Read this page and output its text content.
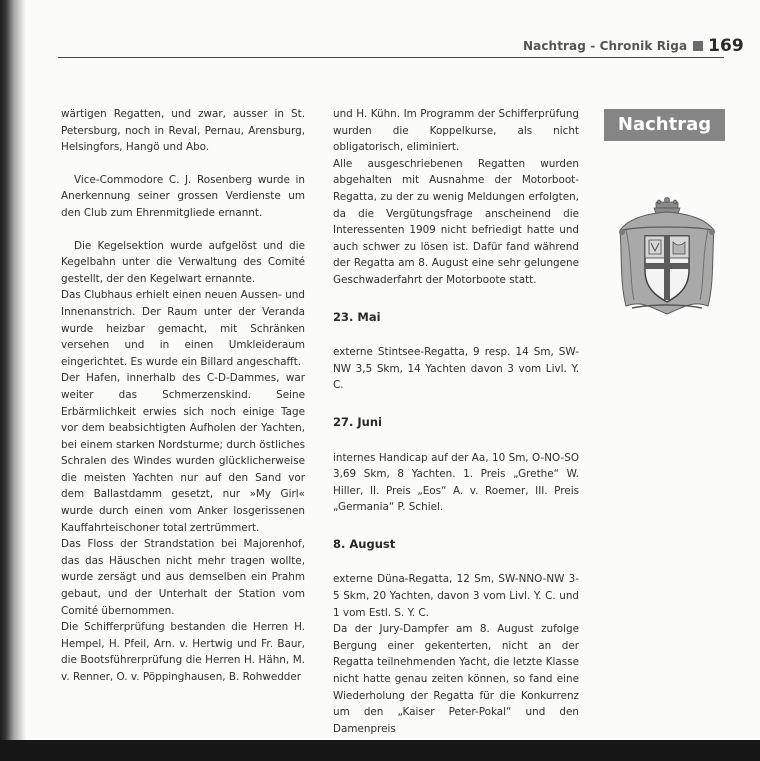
Nachtrag - Chronik Riga 169

wärtigen Regatten, und zwar, ausser in St. Petersburg, noch in Reval, Pernau, Arensburg, Helsingfors, Hangö und Abo.

Vice-Commodore C. J. Rosenberg wurde in Anerkennung seiner grossen Verdienste um den Club zum Ehrenmitgliede ernannt.

Die Kegelsektion wurde aufgelöst und die Kegelbahn unter die Verwaltung des Comité gestellt, der den Kegelwart ernannte.

Das Clubhaus erhielt einen neuen Aussen- und Innenanstrich. Der Raum unter der Veranda wurde heizbar gemacht, mit Schränken versehen und in einen Umkleideraum eingerichtet. Es wurde ein Billard angeschafft.

Der Hafen, innerhalb des C-D-Dammes, war weiter das Schmerzenskind. Seine Erbärmlichkeit erwies sich noch einige Tage vor dem beabsichtigten Aufholen der Yachten, bei einem starken Nordsturme; durch östliches Schralen des Windes wurden glücklicherweise die meisten Yachten nur auf den Sand vor dem Ballastdamm gesetzt, nur »My Girl« wurde durch einen vom Anker losgerissenen Kauffahrteischoner total zertrümmert.

Das Floss der Strandstation bei Majorenhof, das das Häuschen nicht mehr tragen wollte, wurde zersägt und aus demselben ein Prahm gebaut, und der Unterhalt der Station vom Comité übernommen.

Die Schifferprüfung bestanden die Herren H. Hempel, H. Pfeil, Arn. v. Hertwig und Fr. Baur, die Bootsführerprüfung die Herren H. Hähn, M. v. Renner, O. v. Pöppinghausen, B. Rohwedder

und H. Kühn. Im Programm der Schifferprüfung wurden die Koppelkurse, als nicht obligatorisch, eliminiert.

Alle ausgeschriebenen Regatten wurden abgehalten mit Ausnahme der Motorboot-Regatta, zu der zu wenig Meldungen erfolgten, da die Vergütungsfrage anscheinend die Interessenten 1909 nicht befriedigt hatte und auch schwer zu lösen ist. Dafür fand während der Regatta am 8. August eine sehr gelungene Geschwaderfahrt der Motorboote statt.

23. Mai

externe Stintsee-Regatta, 9 resp. 14 Sm, SW-NW 3,5 Skm, 14 Yachten davon 3 vom Livl. Y. C.

27. Juni

internes Handicap auf der Aa, 10 Sm, O-NO-SO 3,69 Skm, 8 Yachten. 1. Preis „Grethe“ W. Hiller, II. Preis „Eos“ A. v. Roemer, III. Preis „Germania“ P. Schiel.

8. August

externe Düna-Regatta, 12 Sm, SW-NNO-NW 3-5 Skm, 20 Yachten, davon 3 vom Livl. Y. C. und 1 vom Estl. S. Y. C.

Da der Jury-Dampfer am 8. August zufolge Bergung einer gekenterten, nicht an der Regatta teilnehmenden Yacht, die letzte Klasse nicht hatte genau zeiten können, so fand eine Wiederholung der Regatta für die Konkurrenz um den „Kaiser Peter-Pokal“ und den Damenpreis

Nachtrag
